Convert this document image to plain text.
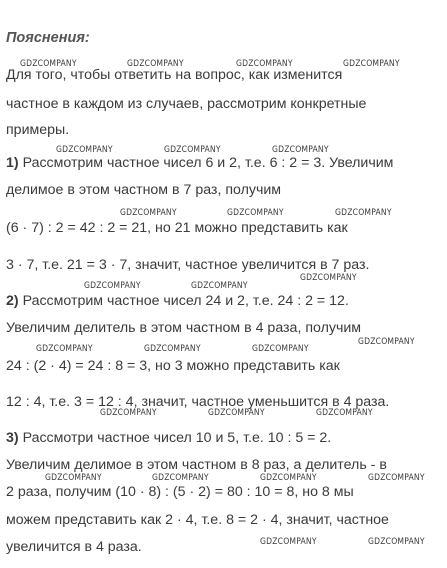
Пояснения:
Для того, чтобы ответить на вопрос, как изменится
частное в каждом из случаев, рассмотрим конкретные
примеры.
1) Рассмотрим частное чисел 6 и 2, т.е. 6 : 2 = 3. Увеличим
делимое в этом частном в 7 раз, получим
(6 · 7) : 2 = 42 : 2 = 21, но 21 можно представить как
3 · 7, т.е. 21 = 3 · 7, значит, частное увеличится в 7 раз.
2) Рассмотрим частное чисел 24 и 2, т.е. 24 : 2 = 12.
Увеличим делитель в этом частном в 4 раза, получим
24 : (2 · 4) = 24 : 8 = 3, но 3 можно представить как
12 : 4, т.е. 3 = 12 : 4, значит, частное уменьшится в 4 раза.
3) Рассмотри частное чисел 10 и 5, т.е. 10 : 5 = 2.
Увеличим делимое в этом частном в 8 раз, а делитель - в
2 раза, получим (10 · 8) : (5 · 2) = 80 : 10 = 8, но 8 мы
можем представить как 2 · 4, т.е. 8 = 2 · 4, значит, частное
увеличится в 4 раза.
GDZCOMPANY	GDZCOMPANY	GDZCOMPANY	GDZCOMPANY
GDZCOMPANY	GDZCOMPANY	GDZCOMPANY
GDZCOMPANY	GDZCOMPANY	GDZCOMPANY
GDZCOMPANY
GDZCOMPANY	GDZCOMPANY
GDZCOMPANY
GDZCOMPANY	GDZCOMPANY	GDZCOMPANY
GDZCOMPANY	GDZCOMPANY	GDZCOMPANY
GDZCOMPANY	GDZCOMPANY	GDZCOMPANY	GDZCOMPANY
GDZCOMPANY	GDZCOMPANY
